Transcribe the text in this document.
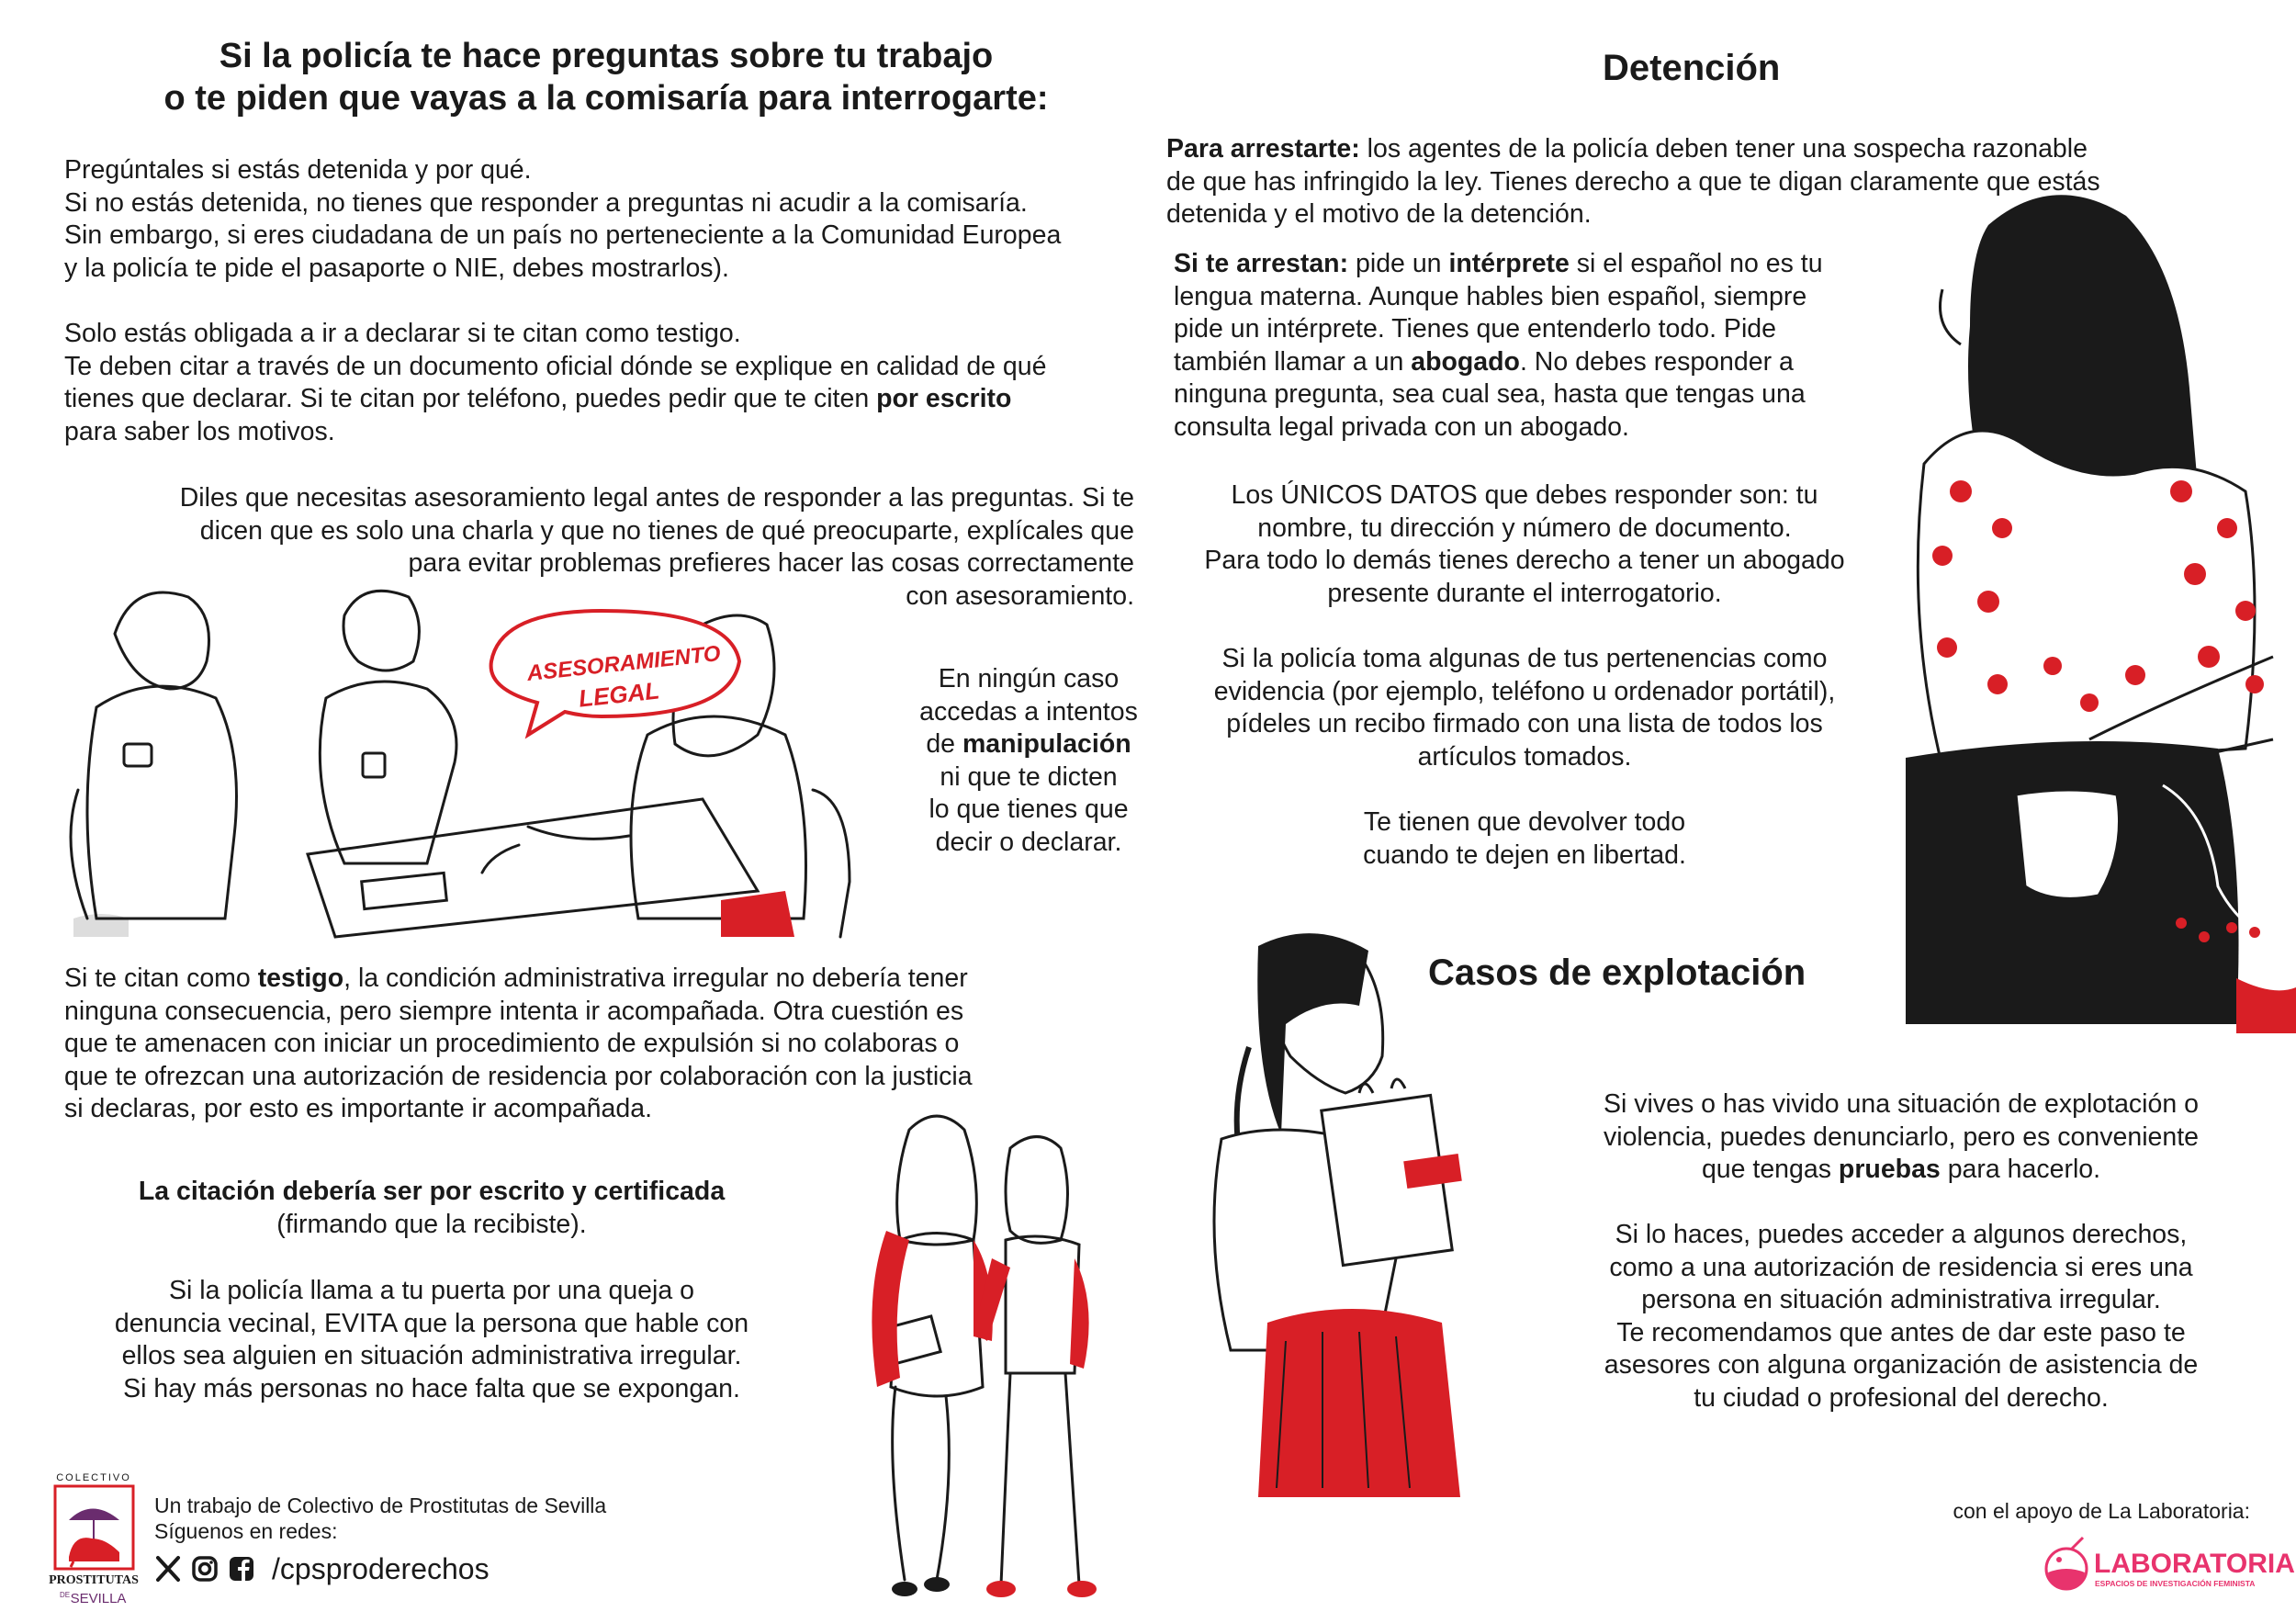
Si la policía te hace preguntas sobre tu trabajo
o te piden que vayas a la comisaría para interrogarte:

Pregúntales si estás detenida y por qué.

Si no estás detenida, no tienes que responder a preguntas ni acudir a la comisaría.

Sin embargo, si eres ciudadana de un país no perteneciente a la Comunidad Europea

y la policía te pide el pasaporte o NIE, debes mostrarlos).

Solo estás obligada a ir a declarar si te citan como testigo.

Te deben citar a través de un documento oficial dónde se explique en calidad de qué

tienes que declarar. Si te citan por teléfono, puedes pedir que te citen por escrito

para saber los motivos.

Diles que necesitas asesoramiento legal antes de responder a las preguntas. Si te

dicen que es solo una charla y que no tienes de qué preocuparte, explícales que

para evitar problemas prefieres hacer las cosas correctamente

con asesoramiento.

ASESORAMIENTO
LEGAL	En ningún caso

accedas a intentos

de manipulación

ni que te dicten

lo que tienes que

decir o declarar.

Si te citan como testigo, la condición administrativa irregular no debería tener

ninguna consecuencia, pero siempre intenta ir acompañada. Otra cuestión es

que te amenacen con iniciar un procedimiento de expulsión si no colaboras o

que te ofrezcan una autorización de residencia por colaboración con la justicia

si declaras, por esto es importante ir acompañada.

La citación debería ser por escrito y certificada

(firmando que la recibiste).

Si la policía llama a tu puerta por una queja o

denuncia vecinal, EVITA que la persona que hable con

ellos sea alguien en situación administrativa irregular.

Si hay más personas no hace falta que se expongan.

Detención

Para arrestarte: los agentes de la policía deben tener una sospecha razonable

de que has infringido la ley. Tienes derecho a que te digan claramente que estás

detenida y el motivo de la detención.

Si te arrestan: pide un intérprete si el español no es tu

lengua materna. Aunque hables bien español, siempre

pide un intérprete. Tienes que entenderlo todo. Pide

también llamar a un abogado. No debes responder a

ninguna pregunta, sea cual sea, hasta que tengas una

consulta legal privada con un abogado.

Los ÚNICOS DATOS que debes responder son: tu

nombre, tu dirección y número de documento.

Para todo lo demás tienes derecho a tener un abogado

presente durante el interrogatorio.

Si la policía toma algunas de tus pertenencias como

evidencia (por ejemplo, teléfono u ordenador portátil),

pídeles un recibo firmado con una lista de todos los

artículos tomados.

Te tienen que devolver todo

cuando te dejen en libertad.

Casos de explotación

Si vives o has vivido una situación de explotación o

violencia, puedes denunciarlo, pero es conveniente

que tengas pruebas para hacerlo.

Si lo haces, puedes acceder a algunos derechos,

como a una autorización de residencia si eres una

persona en situación administrativa irregular.

Te recomendamos que antes de dar este paso te

asesores con alguna organización de asistencia de

tu ciudad o profesional del derecho.

COLECTIVO
PROSTITUTAS
DE SEVILLA
Un trabajo de Colectivo de Prostitutas de Sevilla
Síguenos en redes:
/cpsproderechos
con el apoyo de La Laboratoria:
LABORATORIA
ESPACIOS DE INVESTIGACIÓN FEMINISTA
